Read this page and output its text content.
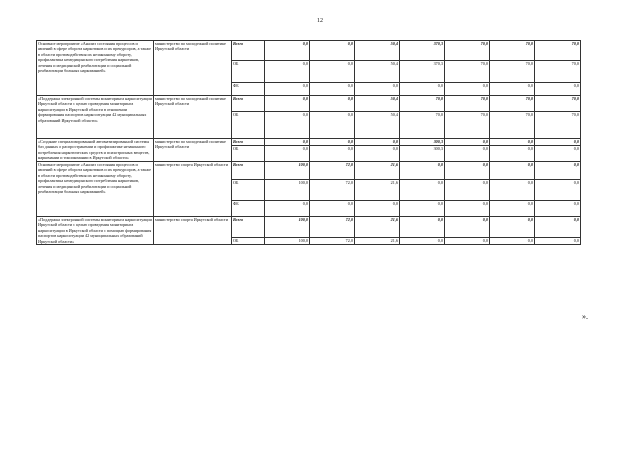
12
Основное мероприятие «Анализ состояния процессов и явлений в сфере оборота наркотиков и их прекурсоров, а также в области противодействия их незаконному обороту, профилактика немедицинского потребления наркотиков, лечения и медицинской реабилитации и социальной реабилитации больных наркоманией»	министерство по молодежной политике Иркутской области	Всего	0,0	0,0	50,4	370,3	70,0	70,0	70,0
		ОБ	0,0	0,0	50,4	370,3	70,0	70,0	70,0
		ФБ	0,0	0,0	0,0	0,0	0,0	0,0	0,0
«Поддержка электронной системы мониторинга наркоситуации Иркутской области с целью проведения мониторинга наркоситуации в Иркутской области в отношении формирования паспортов наркоситуации 42 муниципальных образований Иркутской области»	министерство по молодежной политике Иркутской области	Всего	0,0	0,0	50,4	70,0	70,0	70,0	70,0
		ОБ	0,0	0,0	50,4	70,0	70,0	70,0	70,0
«Создание специализированной автоматизированной системы баз данных о распространении и профилактике незаконного потребления наркотических средств и психотропных веществ, наркомании и токсикомании в Иркутской области»	министерство по молодежной политике Иркутской области	Всего	0,0	0,0	0,0	300,3	0,0	0,0	0,0
		ОБ	0,0	0,0	0,0	300,3	0,0	0,0	0,0
Основное мероприятие «Анализ состояния процессов и явлений в сфере оборота наркотиков и их прекурсоров, а также в области противодействия их незаконному обороту, профилактика немедицинского потребления наркотиков, лечения и медицинской реабилитации и социальной реабилитации больных наркоманией»	министерство спорта Иркутской области	Всего	100,0	72,0	21,6	0,0	0,0	0,0	0,0
		ОБ	100,0	72,0	21,6	0,0	0,0	0,0	0,0
		ФБ	0,0	0,0	0,0	0,0	0,0	0,0	0,0
«Поддержка электронной системы мониторинга наркоситуации Иркутской области с целью проведения мониторинга наркоситуации в Иркутской области с помощью формирования паспортов наркоситуации 42 муниципальных образований Иркутской области»	министерство спорта Иркутской области	Всего	100,0	72,0	21,6	0,0	0,0	0,0	0,0
		ОБ	100,0	72,0	21,6	0,0	0,0	0,0	0,0
».
